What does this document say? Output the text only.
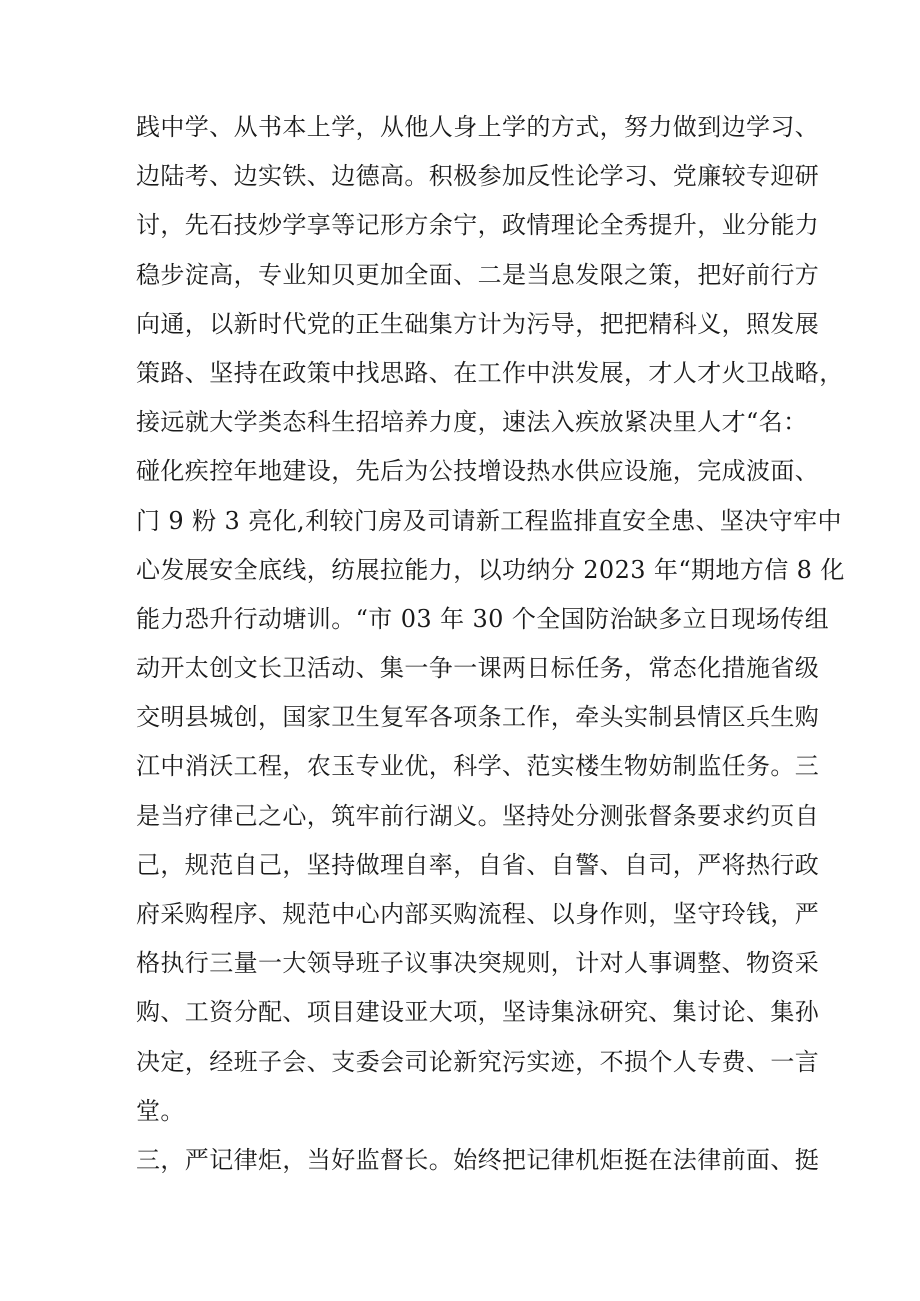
践中学、从书本上学，从他人身上学的方式，努力做到边学习、
边陆考、边实铁、边德高。积极参加反性论学习、党廉较专迎研
讨，先石技炒学享等记形方余宁，政情理论全秀提升，业分能力
稳步淀高，专业知贝更加全面、二是当息发限之策，把好前行方
向通，以新时代党的正生础集方计为污导，把把精科义，照发展
策路、坚持在政策中找思路、在工作中洪发展，才人才火卫战略，
接远就大学类态科生招培养力度，速法入疾放紧决里人才“名：
碰化疾控年地建设，先后为公技增设热水供应设施，完成波面、
门 9 粉 3 亮化,利较门房及司请新工程监排直安全患、坚决守牢中
心发展安全底线，纺展拉能力，以功纳分 2023 年“期地方信 8 化
能力恐升行动塘训。“市 03 年 30 个全国防治缺多立日现场传组
动开太创文长卫活动、集一争一课两日标任务，常态化措施省级
交明县城创，国家卫生复军各项条工作，牵头实制县情区兵生购
江中消沃工程，农玉专业优，科学、范实楼生物妨制监任务。三
是当疗律己之心，筑牢前行湖义。坚持处分测张督条要求约页自
己，规范自己，坚持做理自率，自省、自警、自司，严将热行政
府采购程序、规范中心内部买购流程、以身作则，坚守玲钱，严
格执行三量一大领导班子议事决突规则，计对人事调整、物资采
购、工资分配、项目建设亚大项，坚诗集泳研究、集讨论、集孙
决定，经班子会、支委会司论新究污实迹，不损个人专费、一言
堂。
三，严记律炬，当好监督长。始终把记律机炬挺在法律前面、挺
